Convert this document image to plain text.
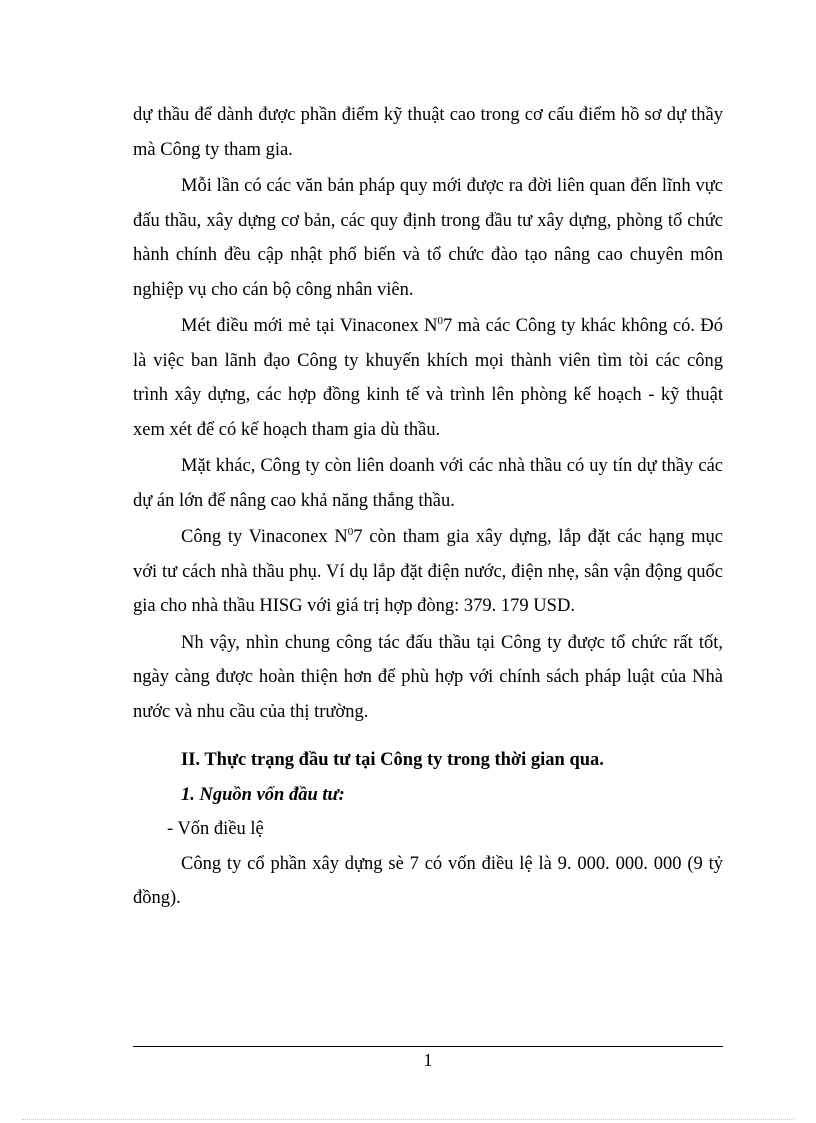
dự thầu để dành được phần điểm kỹ thuật cao trong cơ cấu điểm hồ sơ dự thầy mà Công ty tham gia.

Mỗi lần có các văn bản pháp quy mới được ra đời liên quan đến lĩnh vực đấu thầu, xây dựng cơ bản, các quy định trong đầu tư xây dựng, phòng tổ chức hành chính đều cập nhật phổ biến và tổ chức đào tạo nâng cao chuyên môn nghiệp vụ cho cán bộ công nhân viên.

Mét điều mới mẻ tại Vinaconex $N^07$ mà các Công ty khác không có. Đó là việc ban lãnh đạo Công ty khuyến khích mọi thành viên tìm tòi các công trình xây dựng, các hợp đồng kinh tế và trình lên phòng kế hoạch - kỹ thuật xem xét để có kế hoạch tham gia dù thầu.

Mặt khác, Công ty còn liên doanh với các nhà thầu có uy tín dự thầy các dự án lớn để nâng cao khả năng thắng thầu.

Công ty Vinaconex $N^07$ còn tham gia xây dựng, lắp đặt các hạng mục với tư cách nhà thầu phụ. Ví dụ lắp đặt điện nước, điện nhẹ, sân vận động quốc gia cho nhà thầu HISG với giá trị hợp đòng: 379. 179 USD.

Nh vậy, nhìn chung công tác đấu thầu tại Công ty được tổ chức rất tốt, ngày càng được hoàn thiện hơn để phù hợp với chính sách pháp luật của Nhà nước và nhu cầu của thị trường.

II. Thực trạng đầu tư tại Công ty trong thời gian qua.

1. Nguồn vốn đầu tư:

- Vốn điều lệ

Công ty cổ phần xây dựng sè 7 có vốn điều lệ là 9. 000. 000. 000 (9 tỷ đồng).

1
